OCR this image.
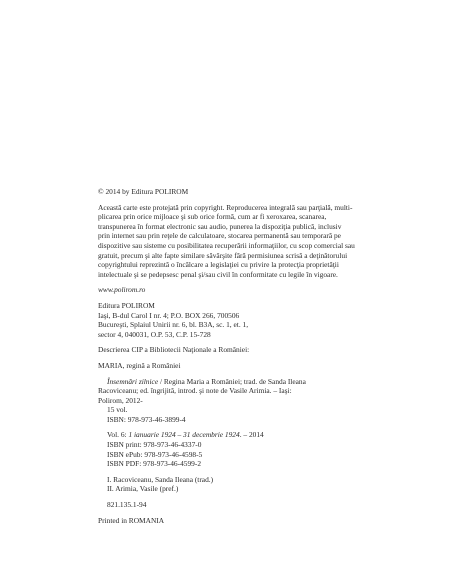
© 2014 by Editura POLIROM
Această carte este protejată prin copyright. Reproducerea integrală sau parţială, multi-
plicarea prin orice mijloace şi sub orice formă, cum ar fi xeroxarea, scanarea,
transpunerea în format electronic sau audio, punerea la dispoziţia publică, inclusiv
prin internet sau prin reţele de calculatoare, stocarea permanentă sau temporară pe
dispozitive sau sisteme cu posibilitatea recuperării informaţiilor, cu scop comercial sau
gratuit, precum şi alte fapte similare săvârşite fără permisiunea scrisă a deţinătorului
copyrightului reprezintă o încălcare a legislaţiei cu privire la protecţia proprietăţii
intelectuale şi se pedepsesc penal şi/sau civil în conformitate cu legile în vigoare.
www.polirom.ro
Editura POLIROM
Iaşi, B-dul Carol I nr. 4; P.O. BOX 266, 700506
Bucureşti, Splaiul Unirii nr. 6, bl. B3A, sc. 1, et. 1,
sector 4, 040031, O.P. 53, C.P. 15-728
Descrierea CIP a Bibliotecii Naţionale a României:
MARIA, regină a României
Însemnări zilnice / Regina Maria a României; trad. de Sanda Ileana
Racoviceanu; ed. îngrijită, introd. şi note de Vasile Arimia. – Iaşi:
Polirom, 2012-
15 vol.
ISBN: 978-973-46-3899-4
Vol. 6: 1 ianuarie 1924 – 31 decembrie 1924. – 2014
ISBN print: 978-973-46-4337-0
ISBN ePub: 978-973-46-4598-5
ISBN PDF: 978-973-46-4599-2
I. Racoviceanu, Sanda Ileana (trad.)
II. Arimia, Vasile (pref.)
821.135.1-94
Printed in ROMANIA
